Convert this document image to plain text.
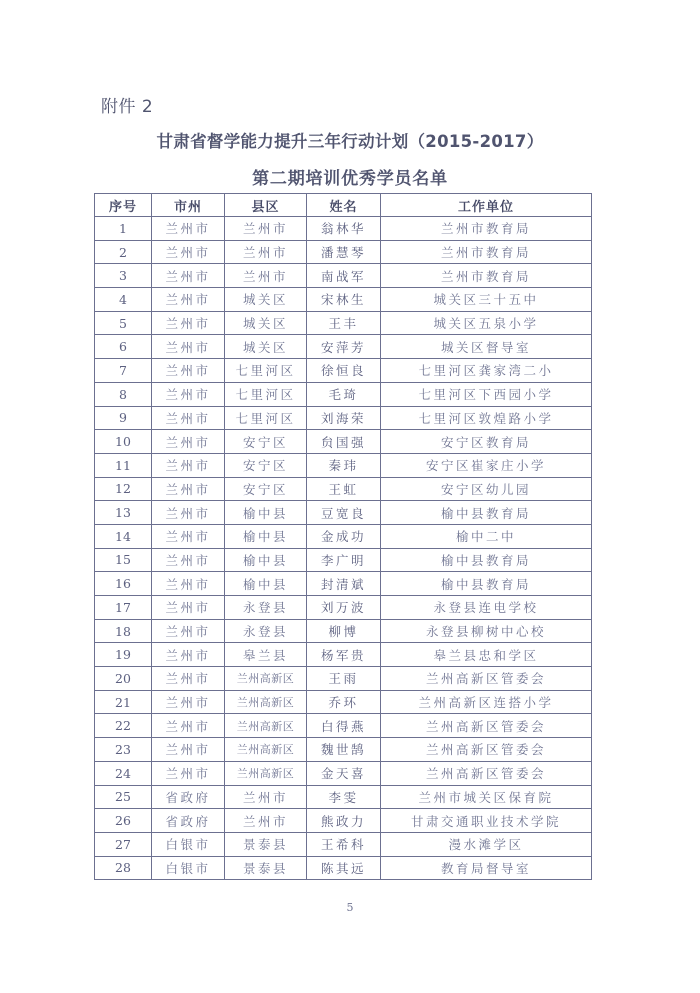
附件 2
甘肃省督学能力提升三年行动计划（2015-2017）
第二期培训优秀学员名单
序号	市州	县区	姓名	工作单位
1	兰州市	兰州市	翁林华	兰州市教育局
2	兰州市	兰州市	潘慧琴	兰州市教育局
3	兰州市	兰州市	南战军	兰州市教育局
4	兰州市	城关区	宋林生	城关区三十五中
5	兰州市	城关区	王丰	城关区五泉小学
6	兰州市	城关区	安萍芳	城关区督导室
7	兰州市	七里河区	徐恒良	七里河区龚家湾二小
8	兰州市	七里河区	毛琦	七里河区下西园小学
9	兰州市	七里河区	刘海荣	七里河区敦煌路小学
10	兰州市	安宁区	贠国强	安宁区教育局
11	兰州市	安宁区	秦玮	安宁区崔家庄小学
12	兰州市	安宁区	王虹	安宁区幼儿园
13	兰州市	榆中县	豆宽良	榆中县教育局
14	兰州市	榆中县	金成功	榆中二中
15	兰州市	榆中县	李广明	榆中县教育局
16	兰州市	榆中县	封清斌	榆中县教育局
17	兰州市	永登县	刘万波	永登县连电学校
18	兰州市	永登县	柳博	永登县柳树中心校
19	兰州市	皋兰县	杨军贵	皋兰县忠和学区
20	兰州市	兰州高新区	王雨	兰州高新区管委会
21	兰州市	兰州高新区	乔环	兰州高新区连搭小学
22	兰州市	兰州高新区	白得燕	兰州高新区管委会
23	兰州市	兰州高新区	魏世鹄	兰州高新区管委会
24	兰州市	兰州高新区	金天喜	兰州高新区管委会
25	省政府	兰州市	李雯	兰州市城关区保育院
26	省政府	兰州市	熊政力	甘肃交通职业技术学院
27	白银市	景泰县	王希科	漫水滩学区
28	白银市	景泰县	陈其远	教育局督导室
5
